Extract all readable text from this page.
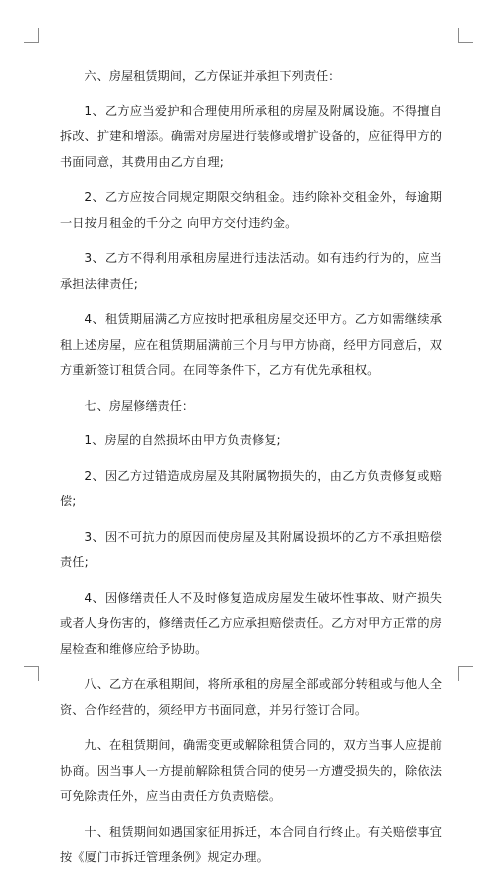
六、房屋租赁期间，乙方保证并承担下列责任：

1、乙方应当爱护和合理使用所承租的房屋及附属设施。不得擅自拆改、扩建和增添。确需对房屋进行装修或增扩设备的，应征得甲方的书面同意，其费用由乙方自理;

2、乙方应按合同规定期限交纳租金。违约除补交租金外，每逾期一日按月租金的千分之 向甲方交付违约金。

3、乙方不得利用承租房屋进行违法活动。如有违约行为的，应当承担法律责任;

4、租赁期届满乙方应按时把承租房屋交还甲方。乙方如需继续承租上述房屋，应在租赁期届满前三个月与甲方协商，经甲方同意后，双方重新签订租赁合同。在同等条件下，乙方有优先承租权。

七、房屋修缮责任：

1、房屋的自然损坏由甲方负责修复;

2、因乙方过错造成房屋及其附属物损失的，由乙方负责修复或赔偿;

3、因不可抗力的原因而使房屋及其附属设损坏的乙方不承担赔偿责任;

4、因修缮责任人不及时修复造成房屋发生破坏性事故、财产损失或者人身伤害的，修缮责任乙方应承担赔偿责任。乙方对甲方正常的房屋检查和维修应给予协助。

八、乙方在承租期间，将所承租的房屋全部或部分转租或与他人全资、合作经营的，须经甲方书面同意，并另行签订合同。

九、在租赁期间，确需变更或解除租赁合同的，双方当事人应提前协商。因当事人一方提前解除租赁合同的使另一方遭受损失的，除依法可免除责任外，应当由责任方负责赔偿。

十、租赁期间如遇国家征用拆迁，本合同自行终止。有关赔偿事宜按《厦门市拆迁管理条例》规定办理。
